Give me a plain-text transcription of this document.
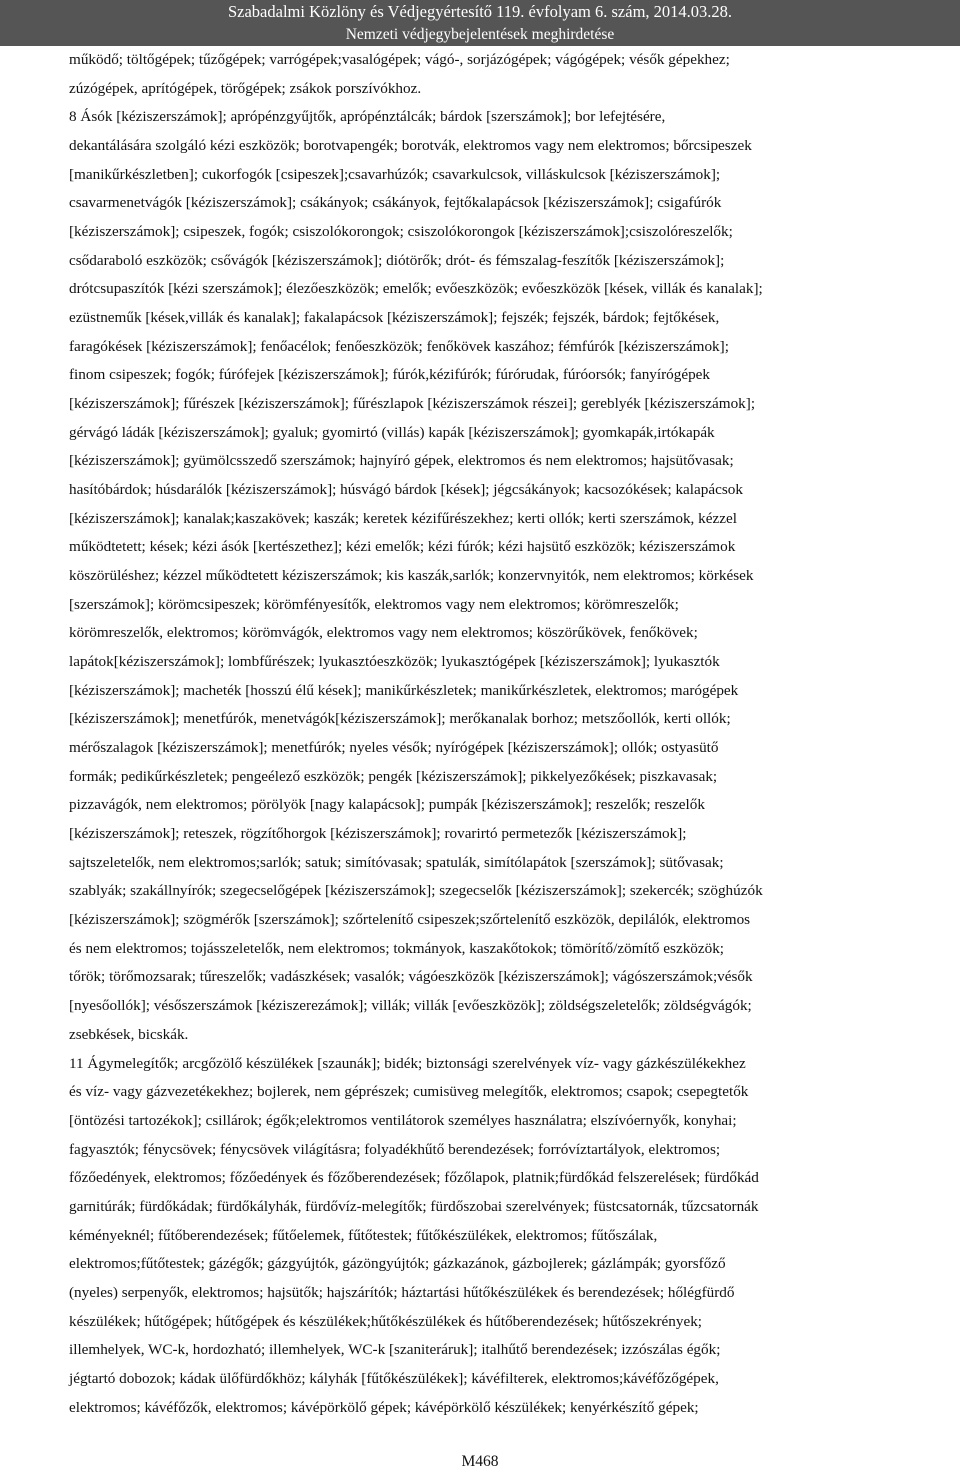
Szabadalmi Közlöny és Védjegyértesítő 119. évfolyam 6. szám, 2014.03.28.
Nemzeti védjegybejelentések meghirdetése
működő; töltőgépek; tűzőgépek; varrógépek;vasalógépek; vágó-, sorjázógépek; vágógépek; vésők gépekhez;
zúzógépek, aprítógépek, törőgépek; zsákok porszívókhoz.
8 Ásók [kéziszerszámok]; aprópénzgyűjtők, aprópénztálcák; bárdok [szerszámok]; bor lefejtésére,
dekantálására szolgáló kézi eszközök; borotvapengék; borotvák, elektromos vagy nem elektromos; bőrcsipeszek
[manikűrkészletben]; cukorfogók [csipeszek];csavarhúzók; csavarkulcsok, villáskulcsok [kéziszerszámok];
csavarmenetvágók [kéziszerszámok]; csákányok; csákányok, fejtőkalapácsok [kéziszerszámok]; csigafúrók
[kéziszerszámok]; csipeszek, fogók; csiszolókorongok; csiszolókorongok [kéziszerszámok];csiszolóreszelők;
csődaraboló eszközök; csővágók [kéziszerszámok]; diótörők; drót- és fémszalag-feszítők [kéziszerszámok];
drótcsupaszítók [kézi szerszámok]; élezőeszközök; emelők; evőeszközök; evőeszközök [kések, villák és kanalak];
ezüstneműk [kések,villák és kanalak]; fakalapácsok [kéziszerszámok]; fejszék; fejszék, bárdok; fejtőkések,
faragókések [kéziszerszámok]; fenőacélok; fenőeszközök; fenőkövek kaszához; fémfúrók [kéziszerszámok];
finom csipeszek; fogók; fúrófejek [kéziszerszámok]; fúrók,kézifúrók; fúrórudak, fúróorsók; fanyírógépek
[kéziszerszámok]; fűrészek [kéziszerszámok]; fűrészlapok [kéziszerszámok részei]; gereblyék [kéziszerszámok];
gérvágó ládák [kéziszerszámok]; gyaluk; gyomirtó (villás) kapák [kéziszerszámok]; gyomkapák,irtókapák
[kéziszerszámok]; gyümölcsszedő szerszámok; hajnyíró gépek, elektromos és nem elektromos; hajsütővasak;
hasítóbárdok; húsdarálók [kéziszerszámok]; húsvágó bárdok [kések]; jégcsákányok; kacsozókések; kalapácsok
[kéziszerszámok]; kanalak;kaszakövek; kaszák; keretek kézifűrészekhez; kerti ollók; kerti szerszámok, kézzel
működtetett; kések; kézi ásók [kertészethez]; kézi emelők; kézi fúrók; kézi hajsütő eszközök; kéziszerszámok
köszörüléshez; kézzel működtetett kéziszerszámok; kis kaszák,sarlók; konzervnyitók, nem elektromos; körkések
[szerszámok]; körömcsipeszek; körömfényesítők, elektromos vagy nem elektromos; körömreszelők;
körömreszelők, elektromos; körömvágók, elektromos vagy nem elektromos; köszörűkövek, fenőkövek;
lapátok[kéziszerszámok]; lombfűrészek; lyukasztóeszközök; lyukasztógépek [kéziszerszámok]; lyukasztók
[kéziszerszámok]; macheték [hosszú élű kések]; manikűrkészletek; manikűrkészletek, elektromos; marógépek
[kéziszerszámok]; menetfúrók, menetvágók[kéziszerszámok]; merőkanalak borhoz; metszőollók, kerti ollók;
mérőszalagok [kéziszerszámok]; menetfúrók; nyeles vésők; nyírógépek [kéziszerszámok]; ollók; ostyasütő
formák; pedikűrkészletek; pengeélező eszközök; pengék [kéziszerszámok]; pikkelyezőkések; piszkavasak;
pizzavágók, nem elektromos; pörölyök [nagy kalapácsok]; pumpák [kéziszerszámok]; reszelők; reszelők
[kéziszerszámok]; reteszek, rögzítőhorgok [kéziszerszámok]; rovarirtó permetezők [kéziszerszámok];
sajtszeletelők, nem elektromos;sarlók; satuk; simítóvasak; spatulák, simítólapátok [szerszámok]; sütővasak;
szablyák; szakállnyírók; szegecselőgépek [kéziszerszámok]; szegecselők [kéziszerszámok]; szekercék; szöghúzók
[kéziszerszámok]; szögmérők [szerszámok]; szőrtelenítő csipeszek;szőrtelenítő eszközök, depilálók, elektromos
és nem elektromos; tojásszeletelők, nem elektromos; tokmányok, kaszakőtokok; tömörítő/zömítő eszközök;
tőrök; törőmozsarak; tűreszelők; vadászkések; vasalók; vágóeszközök [kéziszerszámok]; vágószerszámok;vésők
[nyesőollók]; vésőszerszámok [kéziszerezámok]; villák; villák [evőeszközök]; zöldségszeletelők; zöldségvágók;
zsebkések, bicskák.
11 Ágymelegítők; arcgőzölő készülékek [szaunák]; bidék; biztonsági szerelvények víz- vagy gázkészülékekhez
és víz- vagy gázvezetékekhez; bojlerek, nem géprészek; cumisüveg melegítők, elektromos; csapok; csepegtetők
[öntözési tartozékok]; csillárok; égők;elektromos ventilátorok személyes használatra; elszívóernyők, konyhai;
fagyasztók; fénycsövek; fénycsövek világításra; folyadékhűtő berendezések; forróvíztartályok, elektromos;
főzőedények, elektromos; főzőedények és főzőberendezések; főzőlapok, platnik;fürdőkád felszerelések; fürdőkád
garnitúrák; fürdőkádak; fürdőkályhák, fürdővíz-melegítők; fürdőszobai szerelvények; füstcsatornák, tűzcsatornák
kéményeknél; fűtőberendezések; fűtőelemek, fűtőtestek; fűtőkészülékek, elektromos; fűtőszálak,
elektromos;fűtőtestek; gázégők; gázgyújtók, gázöngyújtók; gázkazánok, gázbojlerek; gázlámpák; gyorsfőző
(nyeles) serpenyők, elektromos; hajsütők; hajszárítók; háztartási hűtőkészülékek és berendezések; hőlégfürdő
készülékek; hűtőgépek; hűtőgépek és készülékek;hűtőkészülékek és hűtőberendezések; hűtőszekrények;
illemhelyek, WC-k, hordozható; illemhelyek, WC-k [szaniteráruk]; italhűtő berendezések; izzószálas égők;
jégtartó dobozok; kádak ülőfürdőkhöz; kályhák [fűtőkészülékek]; kávéfilterek, elektromos;kávéfőzőgépek,
elektromos; kávéfőzők, elektromos; kávépörkölő gépek; kávépörkölő készülékek; kenyérkészítő gépek;
M468
